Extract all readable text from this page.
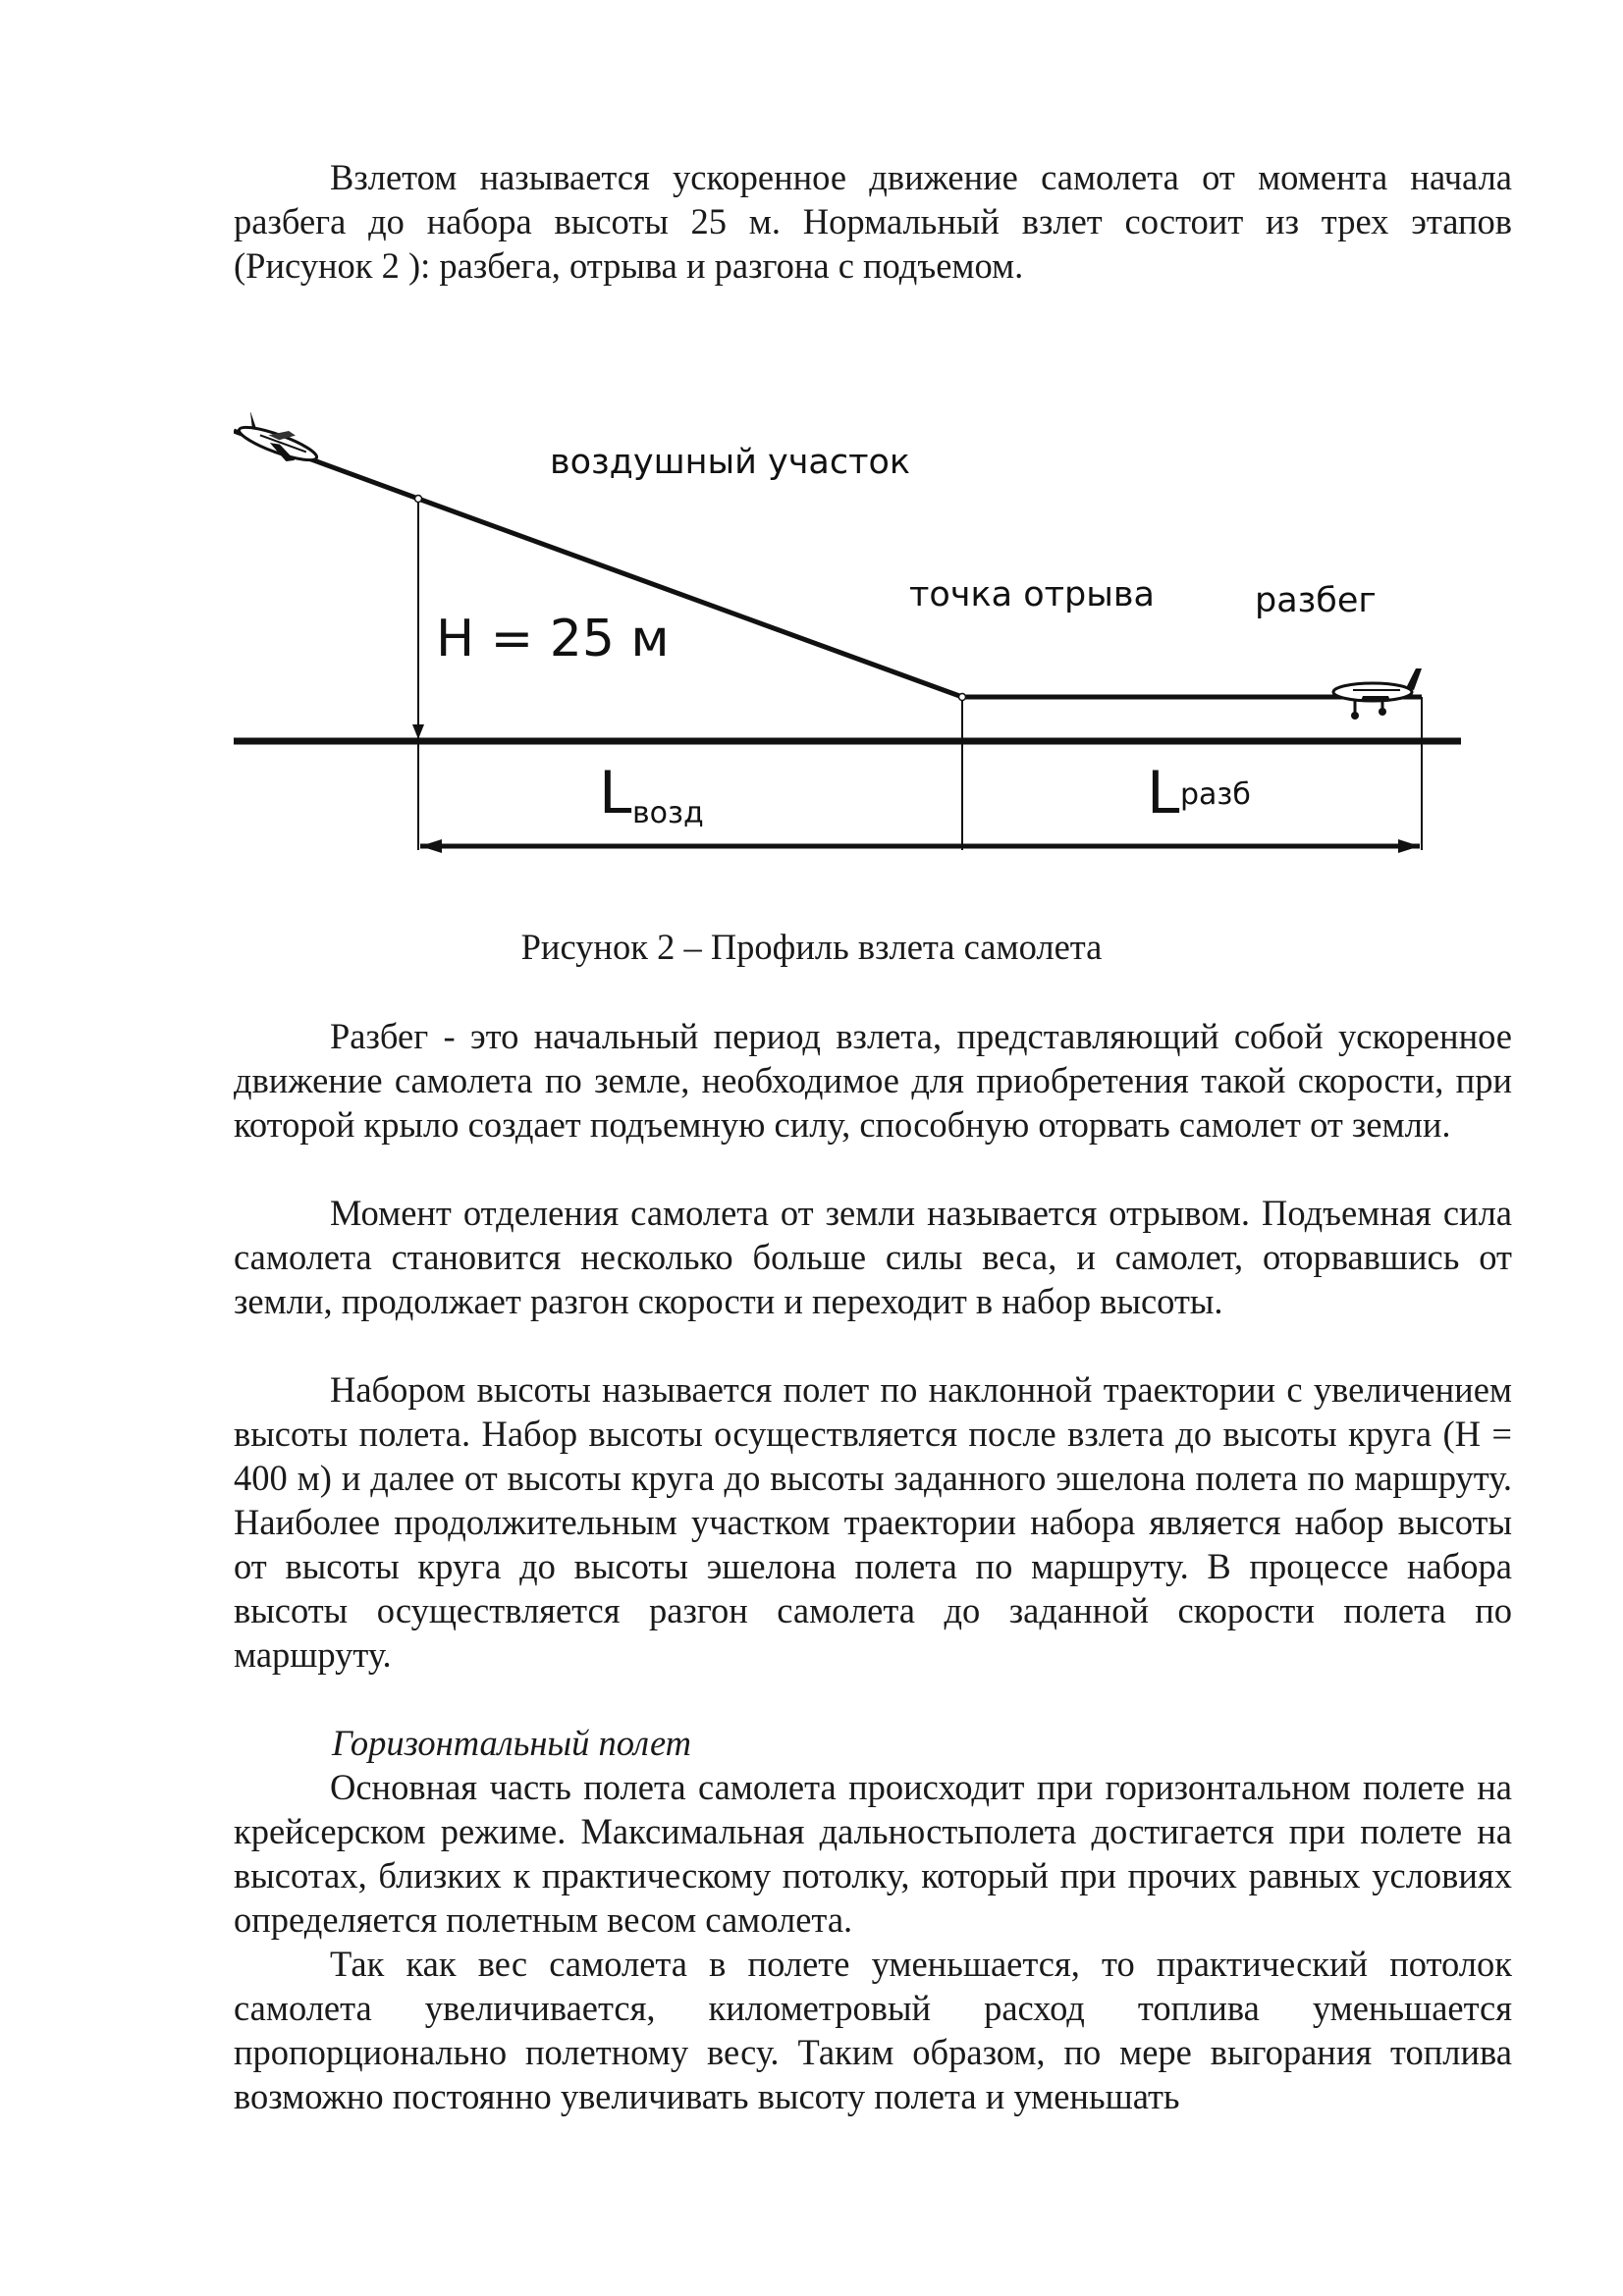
Взлетом называется ускоренное движение самолета от момента начала разбега до набора высоты 25 м. Нормальный взлет состоит из трех этапов (Рисунок 2 ): разбега, отрыва и разгона с подъемом.

воздушный участок
точка отрыва	разбег
Н = 25 м
L возд	L разб

Рисунок 2 – Профиль взлета самолета

Разбег - это начальный период взлета, представляющий собой ускоренное движение самолета по земле, необходимое для приобретения такой скорости, при которой крыло создает подъемную силу, способную оторвать самолет от земли.

Момент отделения самолета от земли называется отрывом. Подъемная сила самолета становится несколько больше силы веса, и самолет, оторвавшись от земли, продолжает разгон скорости и переходит в набор высоты.

Набором высоты называется полет по наклонной траектории с увеличением высоты полета. Набор высоты осуществляется после взлета до высоты круга (Н = 400 м) и далее от высоты круга до высоты заданного эшелона полета по маршруту. Наиболее продолжительным участком траектории набора является набор высоты от высоты круга до высоты эшелона полета по маршруту. В процессе набора высоты осуществляется разгон самолета до заданной скорости полета по маршруту.

Горизонтальный полет

Основная часть полета самолета происходит при горизонтальном полете на крейсерском режиме. Максимальная дальностьполета достигается при полете на высотах, близких к практическому потолку, который при прочих равных условиях определяется полетным весом самолета.

Так как вес самолета в полете уменьшается, то практический потолок самолета увеличивается, километровый расход топлива уменьшается пропорционально полетному весу. Таким образом, по мере выгорания топлива возможно постоянно увеличивать высоту полета и уменьшать
